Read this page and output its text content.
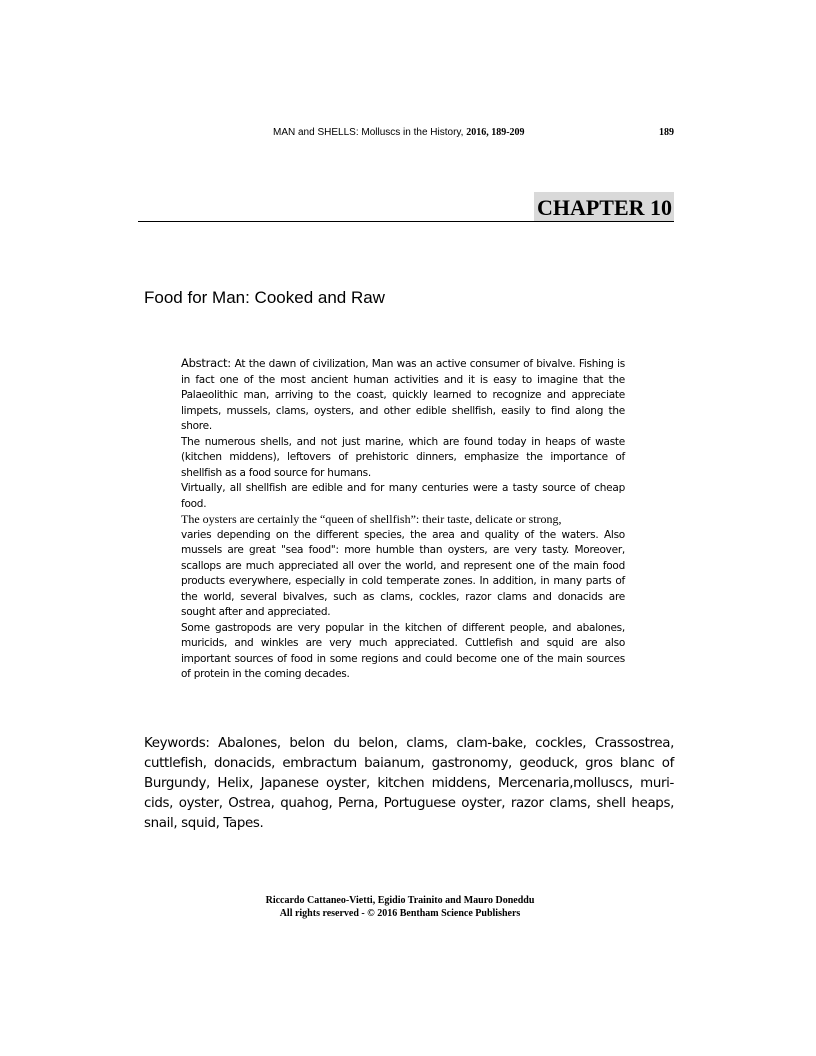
MAN and SHELLS: Molluscs in the History, 2016, 189-209	189
CHAPTER 10
Food for Man: Cooked and Raw

Abstract: At the dawn of civilization, Man was an active consumer of bivalve. Fishing is in fact one of the most ancient human activities and it is easy to imagine that the Palaeolithic man, arriving to the coast, quickly learned to recognize and appreciate limpets, mussels, clams, oysters, and other edible shellfish, easily to find along the shore.

The numerous shells, and not just marine, which are found today in heaps of waste (kitchen middens), leftovers of prehistoric dinners, emphasize the importance of shellfish as a food source for humans.

Virtually, all shellfish are edible and for many centuries were a tasty source of cheap food.

The oysters are certainly the “queen of shellfish”: their taste, delicate or strong,

varies depending on the different species, the area and quality of the waters. Also mussels are great "sea food": more humble than oysters, are very tasty. Moreover, scallops are much appreciated all over the world, and represent one of the main food products everywhere, especially in cold temperate zones. In addition, in many parts of the world, several bivalves, such as clams, cockles, razor clams and donacids are sought after and appreciated.

Some gastropods are very popular in the kitchen of different people, and abalones, muricids, and winkles are very much appreciated. Cuttlefish and squid are also important sources of food in some regions and could become one of the main sources of protein in the coming decades.

Keywords: Abalones, belon du belon, clams, clam-bake, cockles, Crassostrea, cuttlefish, donacids, embractum baianum, gastronomy, geoduck, gros blanc of Burgundy, Helix, Japanese oyster, kitchen middens, Mercenaria,molluscs, muri-cids, oyster, Ostrea, quahog, Perna, Portuguese oyster, razor clams, shell heaps, snail, squid, Tapes.

Riccardo Cattaneo-Vietti, Egidio Trainito and Mauro Doneddu
All rights reserved - © 2016 Bentham Science Publishers
